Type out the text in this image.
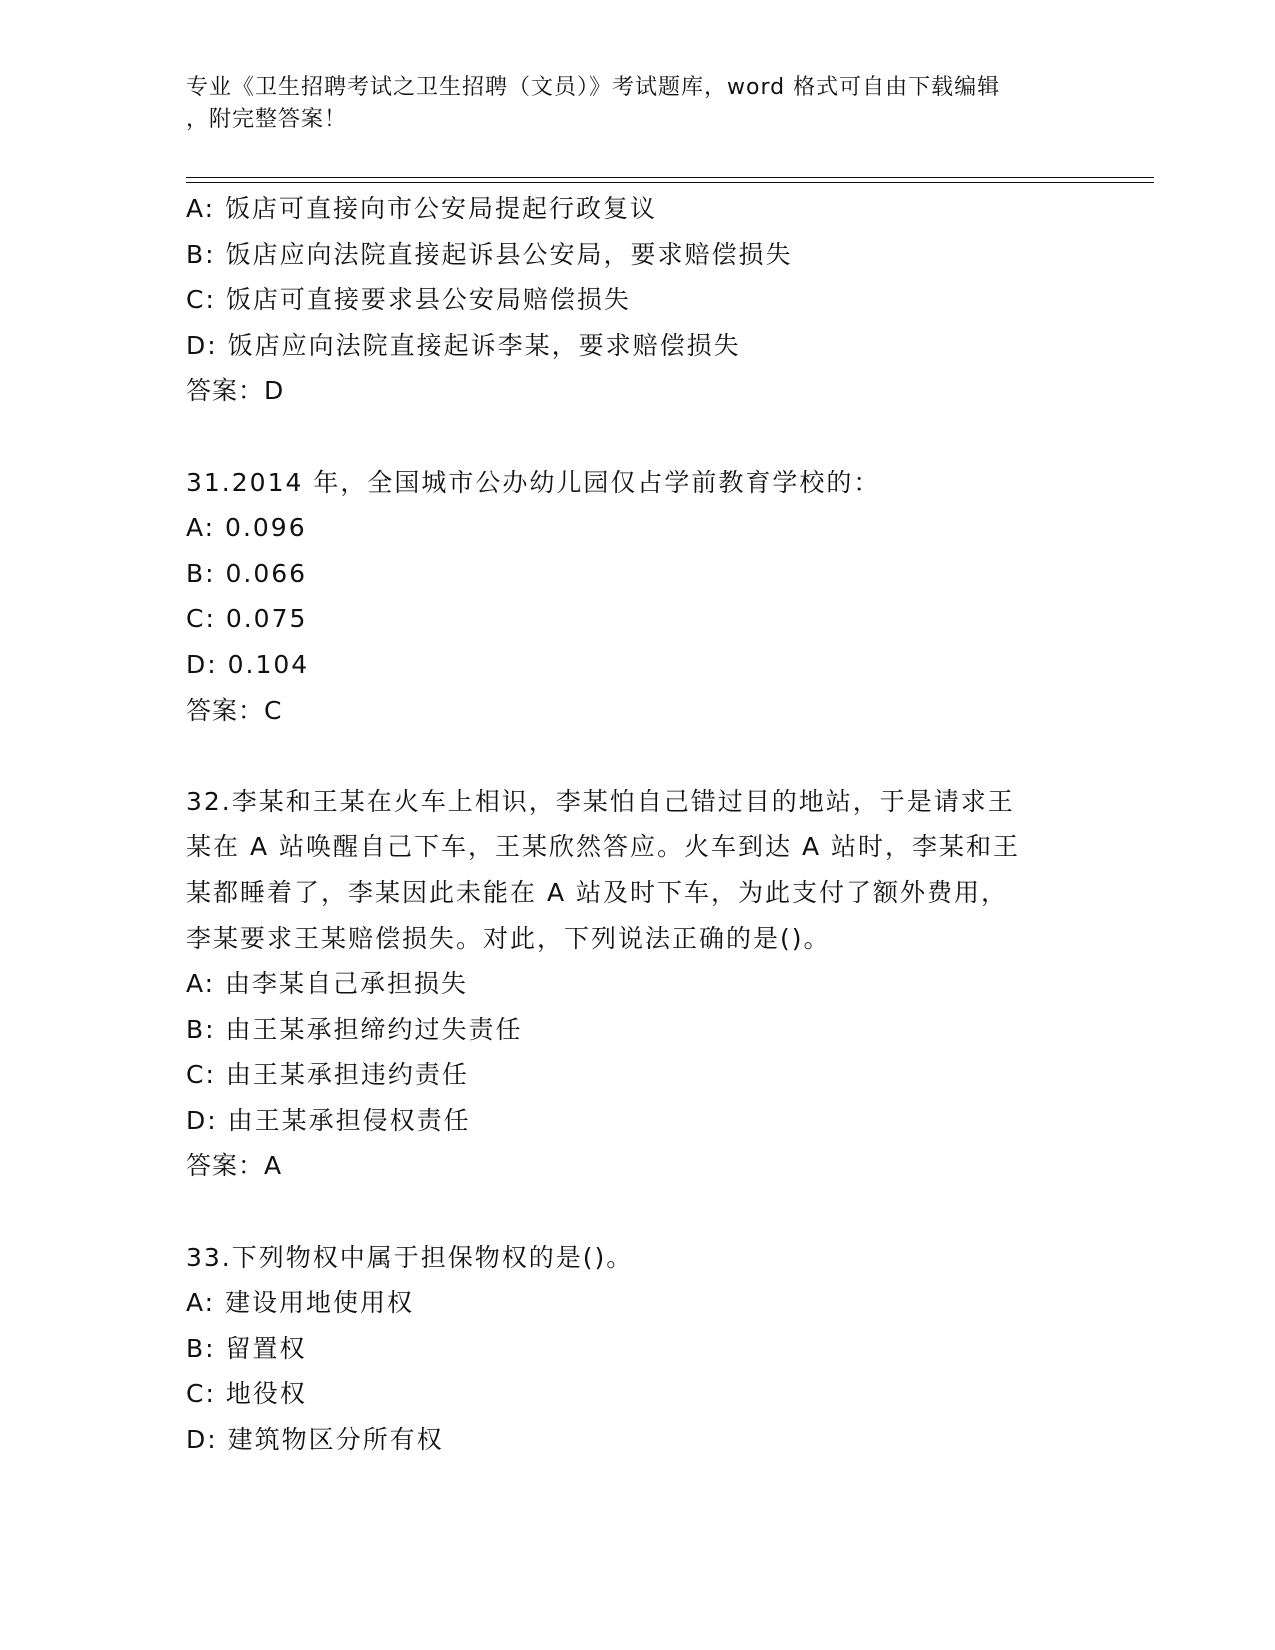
专业《卫生招聘考试之卫生招聘（文员）》考试题库，word 格式可自由下载编辑
，附完整答案！
A: 饭店可直接向市公安局提起行政复议
B: 饭店应向法院直接起诉县公安局，要求赔偿损失
C: 饭店可直接要求县公安局赔偿损失
D: 饭店应向法院直接起诉李某，要求赔偿损失
答案：D
31.2014 年，全国城市公办幼儿园仅占学前教育学校的：
A: 0.096
B: 0.066
C: 0.075
D: 0.104
答案：C
32.李某和王某在火车上相识，李某怕自己错过目的地站，于是请求王
某在 A 站唤醒自己下车，王某欣然答应。火车到达 A 站时，李某和王
某都睡着了，李某因此未能在 A 站及时下车，为此支付了额外费用，
李某要求王某赔偿损失。对此，下列说法正确的是()。
A: 由李某自己承担损失
B: 由王某承担缔约过失责任
C: 由王某承担违约责任
D: 由王某承担侵权责任
答案：A
33.下列物权中属于担保物权的是()。
A: 建设用地使用权
B: 留置权
C: 地役权
D: 建筑物区分所有权
